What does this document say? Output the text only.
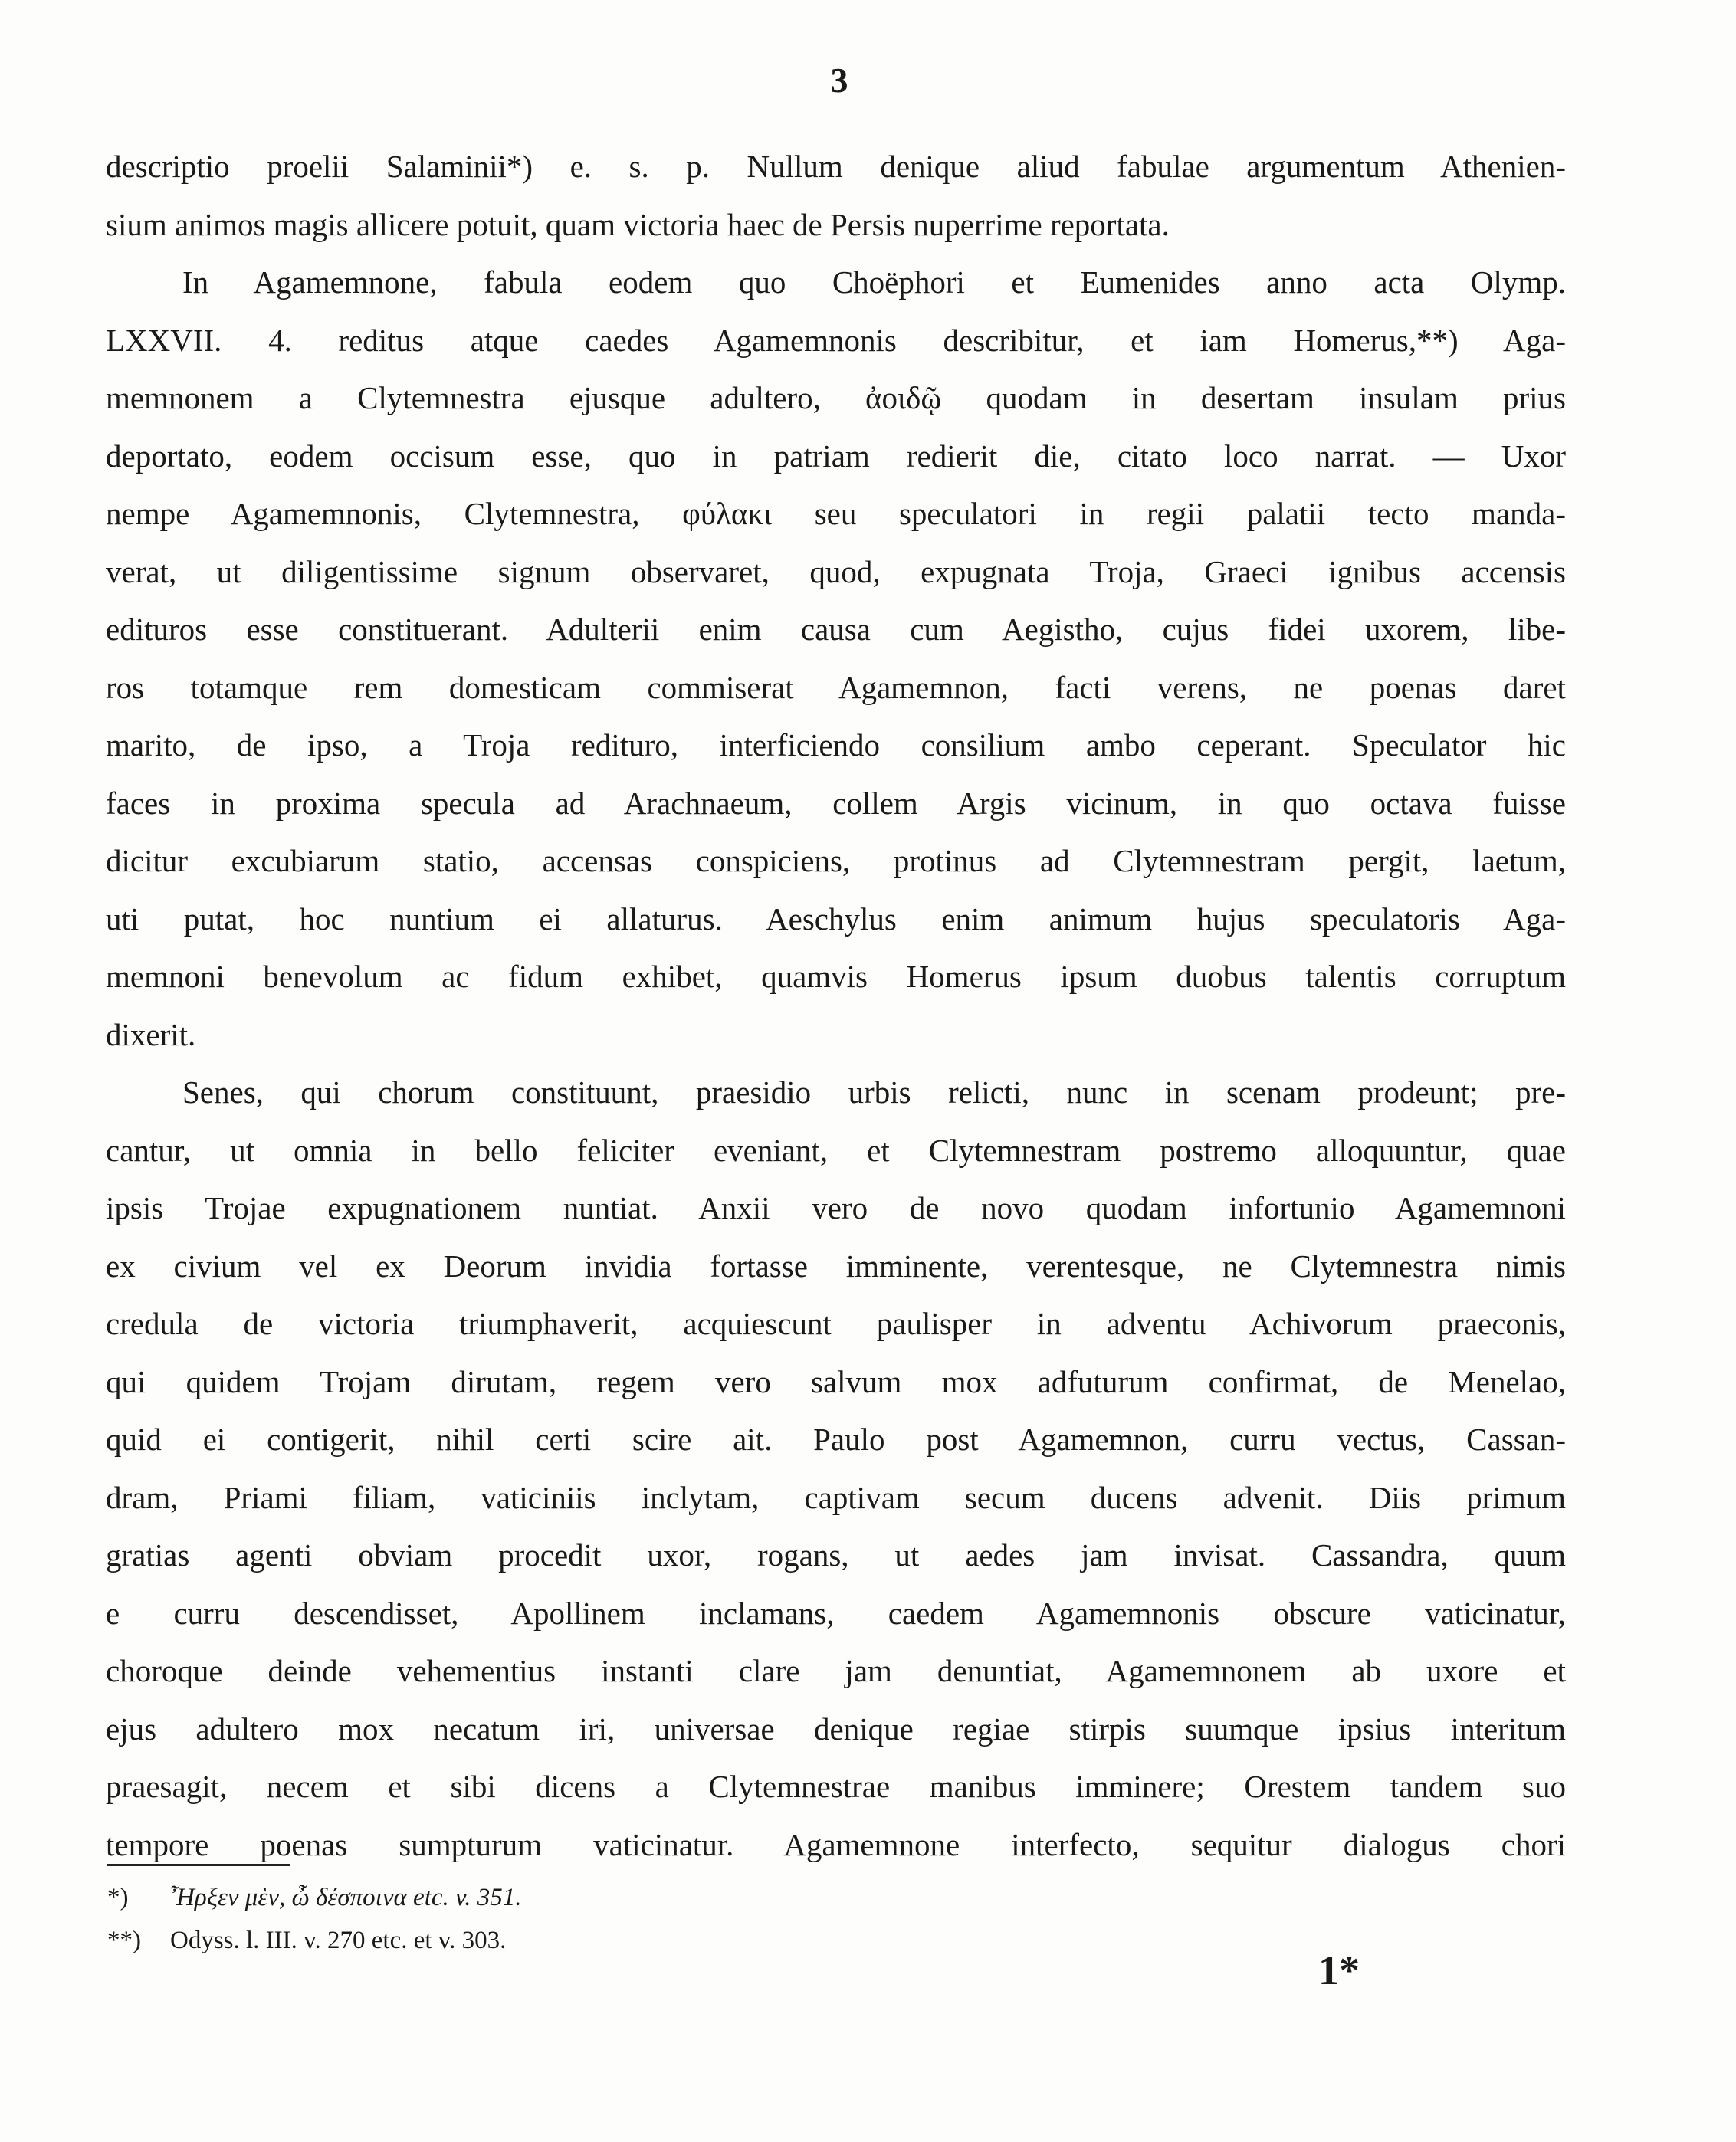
3
descriptio proelii Salaminii*) e. s. p. Nullum denique aliud fabulae argumentum Athenien-
sium animos magis allicere potuit, quam victoria haec de Persis nuperrime reportata.
In Agamemnone, fabula eodem quo Choëphori et Eumenides anno acta Olymp.
LXXVII. 4. reditus atque caedes Agamemnonis describitur, et iam Homerus,**) Aga-
memnonem a Clytemnestra ejusque adultero, ἀοιδῷ quodam in desertam insulam prius
deportato, eodem occisum esse, quo in patriam redierit die, citato loco narrat. — Uxor
nempe Agamemnonis, Clytemnestra, φύλακι seu speculatori in regii palatii tecto manda-
verat, ut diligentissime signum observaret, quod, expugnata Troja, Graeci ignibus accensis
edituros esse constituerant. Adulterii enim causa cum Aegistho, cujus fidei uxorem, libe-
ros totamque rem domesticam commiserat Agamemnon, facti verens, ne poenas daret
marito, de ipso, a Troja redituro, interficiendo consilium ambo ceperant. Speculator hic
faces in proxima specula ad Arachnaeum, collem Argis vicinum, in quo octava fuisse
dicitur excubiarum statio, accensas conspiciens, protinus ad Clytemnestram pergit, laetum,
uti putat, hoc nuntium ei allaturus. Aeschylus enim animum hujus speculatoris Aga-
memnoni benevolum ac fidum exhibet, quamvis Homerus ipsum duobus talentis corruptum
dixerit.
Senes, qui chorum constituunt, praesidio urbis relicti, nunc in scenam prodeunt; pre-
cantur, ut omnia in bello feliciter eveniant, et Clytemnestram postremo alloquuntur, quae
ipsis Trojae expugnationem nuntiat. Anxii vero de novo quodam infortunio Agamemnoni
ex civium vel ex Deorum invidia fortasse imminente, verentesque, ne Clytemnestra nimis
credula de victoria triumphaverit, acquiescunt paulisper in adventu Achivorum praeconis,
qui quidem Trojam dirutam, regem vero salvum mox adfuturum confirmat, de Menelao,
quid ei contigerit, nihil certi scire ait. Paulo post Agamemnon, curru vectus, Cassan-
dram, Priami filiam, vaticiniis inclytam, captivam secum ducens advenit. Diis primum
gratias agenti obviam procedit uxor, rogans, ut aedes jam invisat. Cassandra, quum
e curru descendisset, Apollinem inclamans, caedem Agamemnonis obscure vaticinatur,
choroque deinde vehementius instanti clare jam denuntiat, Agamemnonem ab uxore et
ejus adultero mox necatum iri, universae denique regiae stirpis suumque ipsius interitum
praesagit, necem et sibi dicens a Clytemnestrae manibus imminere; Orestem tandem suo
tempore poenas sumpturum vaticinatur. Agamemnone interfecto, sequitur dialogus chori
*) Ἦρξεν μὲν, ὦ δέσποινα etc. v. 351.
**) Odyss. l. III. v. 270 etc. et v. 303.
1*
